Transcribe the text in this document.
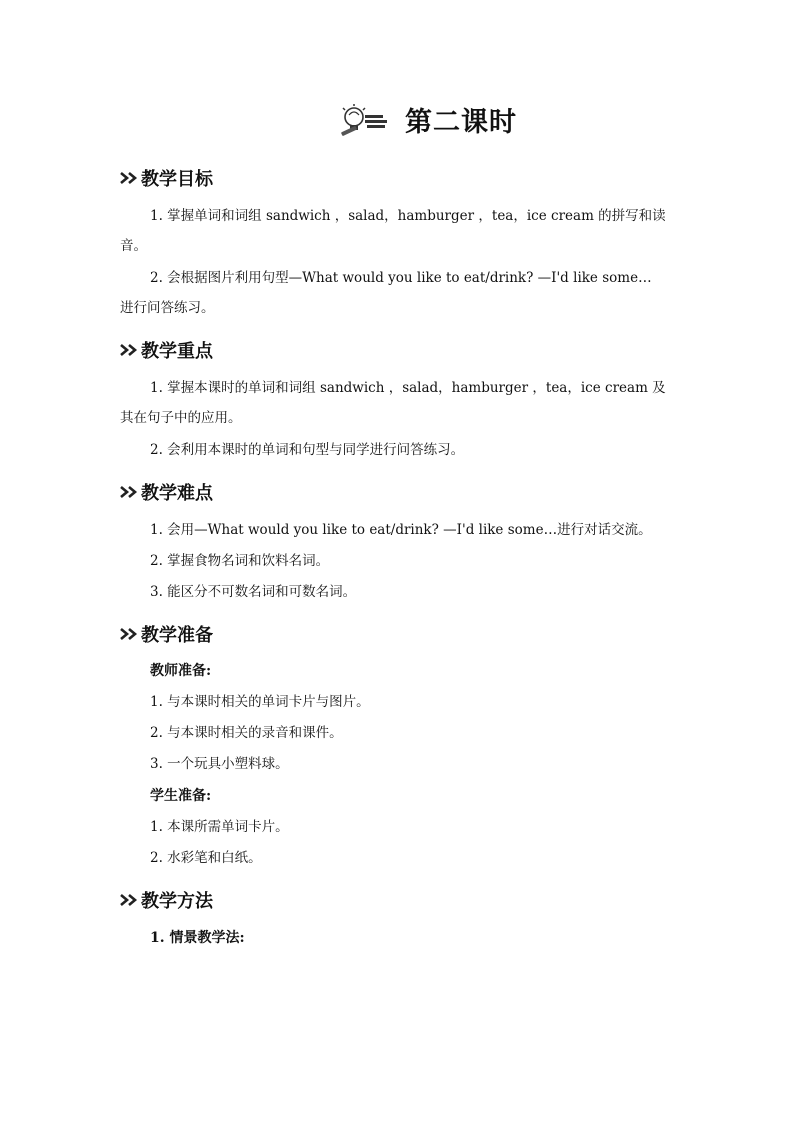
第二课时
教学目标
1. 掌握单词和词组 sandwich ，salad，hamburger ，tea，ice cream 的拼写和读
音。
2. 会根据图片利用句型—What would you like to eat/drink? —I'd like some…
进行问答练习。
教学重点
1. 掌握本课时的单词和词组 sandwich ，salad，hamburger ，tea，ice cream 及
其在句子中的应用。
2. 会利用本课时的单词和句型与同学进行问答练习。
教学难点
1. 会用—What would you like to eat/drink? —I'd like some…进行对话交流。
2. 掌握食物名词和饮料名词。
3. 能区分不可数名词和可数名词。
教学准备
教师准备:
1. 与本课时相关的单词卡片与图片。
2. 与本课时相关的录音和课件。
3. 一个玩具小塑料球。
学生准备:
1. 本课所需单词卡片。
2. 水彩笔和白纸。
教学方法
1. 情景教学法:
